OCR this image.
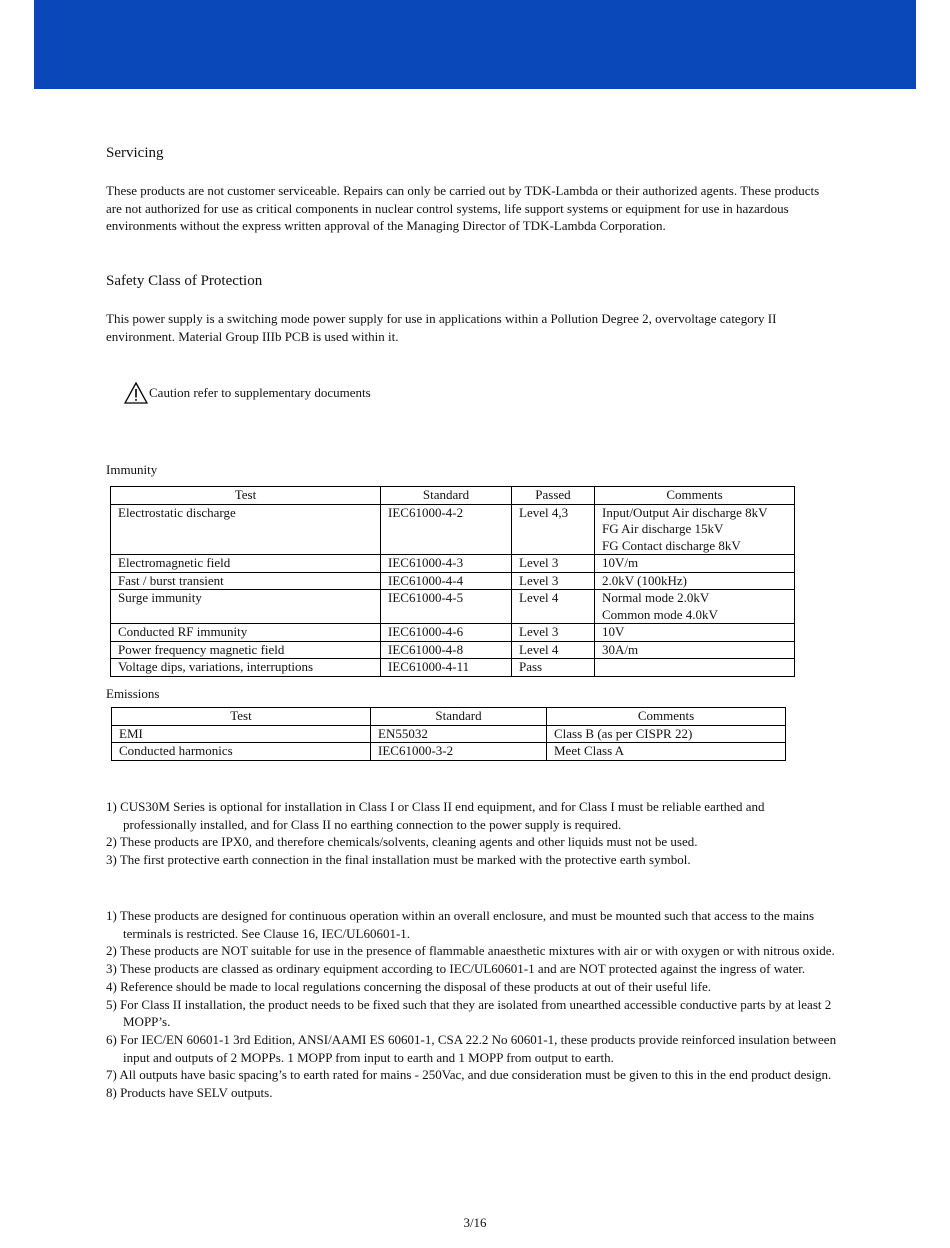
Servicing
These products are not customer serviceable. Repairs can only be carried out by TDK-Lambda or their authorized agents. These products are not authorized for use as critical components in nuclear control systems, life support systems or equipment for use in hazardous environments without the express written approval of the Managing Director of TDK-Lambda Corporation.
Safety Class of Protection
This power supply is a switching mode power supply for use in applications within a Pollution Degree 2, overvoltage category II environment. Material Group IIIb PCB is used within it.
Caution refer to supplementary documents
Immunity
Test	Standard	Passed	Comments
Electrostatic discharge	IEC61000-4-2	Level 4,3	Input/Output Air discharge 8kV
FG Air discharge 15kV
FG Contact discharge 8kV

Electromagnetic field	IEC61000-4-3	Level 3	10V/m
Fast / burst transient	IEC61000-4-4	Level 3	2.0kV (100kHz)
Surge immunity	IEC61000-4-5	Level 4	Normal mode 2.0kV
Common mode 4.0kV

Conducted RF immunity	IEC61000-4-6	Level 3	10V
Power frequency magnetic field	IEC61000-4-8	Level 4	30A/m
Voltage dips, variations, interruptions	IEC61000-4-11	Pass	
Emissions
Test	Standard	Comments
EMI	EN55032	Class B (as per CISPR 22)
Conducted harmonics	IEC61000-3-2	Meet Class A
1) CUS30M Series is optional for installation in Class I or Class II end equipment, and for Class I must be reliable earthed and professionally installed, and for Class II no earthing connection to the power supply is required.
2) These products are IPX0, and therefore chemicals/solvents, cleaning agents and other liquids must not be used.
3) The first protective earth connection in the final installation must be marked with the protective earth symbol.
1) These products are designed for continuous operation within an overall enclosure, and must be mounted such that access to the mains terminals is restricted. See Clause 16, IEC/UL60601-1.
2) These products are NOT suitable for use in the presence of flammable anaesthetic mixtures with air or with oxygen or with nitrous oxide.
3) These products are classed as ordinary equipment according to IEC/UL60601-1 and are NOT protected against the ingress of water.
4) Reference should be made to local regulations concerning the disposal of these products at out of their useful life.
5) For Class II installation, the product needs to be fixed such that they are isolated from unearthed accessible conductive parts by at least 2 MOPP’s.
6) For IEC/EN 60601-1 3rd Edition, ANSI/AAMI ES 60601-1, CSA 22.2 No 60601-1, these products provide reinforced insulation between input and outputs of 2 MOPPs. 1 MOPP from input to earth and 1 MOPP from output to earth.
7) All outputs have basic spacing’s to earth rated for mains - 250Vac, and due consideration must be given to this in the end product design.
8) Products have SELV outputs.
3/16
